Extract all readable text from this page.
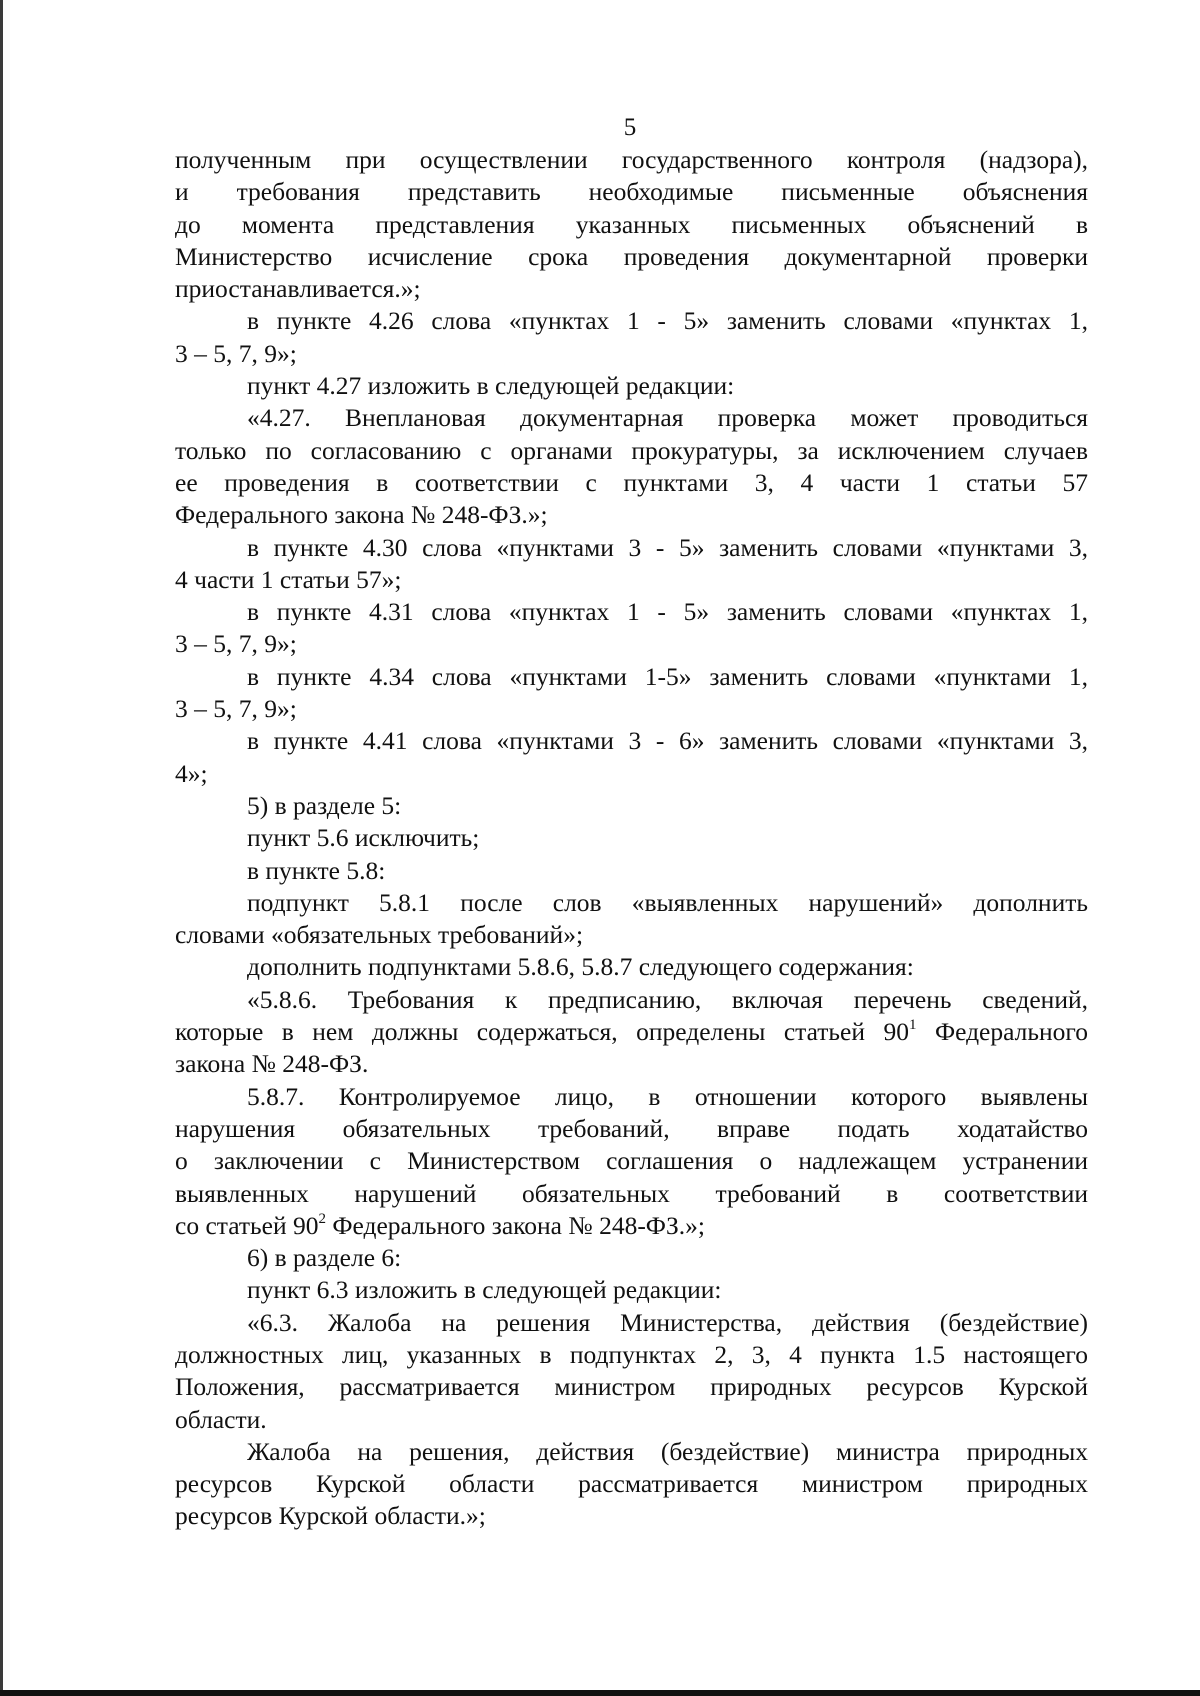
5

полученным при осуществлении государственного контроля (надзора),
и требования представить необходимые письменные объяснения
до момента представления указанных письменных объяснений в
Министерство исчисление срока проведения документарной проверки
приостанавливается.»;

в пункте 4.26 слова «пунктах 1 - 5» заменить словами «пунктах 1,

3 – 5, 7, 9»;

пункт 4.27 изложить в следующей редакции:

«4.27. Внеплановая документарная проверка может проводиться

только по согласованию с органами прокуратуры, за исключением случаев
ее проведения в соответствии с пунктами 3, 4 части 1 статьи 57
Федерального закона № 248-ФЗ.»;

в пункте 4.30 слова «пунктами 3 - 5» заменить словами «пунктами 3,

4 части 1 статьи 57»;

в пункте 4.31 слова «пунктах 1 - 5» заменить словами «пунктах 1,

3 – 5, 7, 9»;

в пункте 4.34 слова «пунктами 1-5» заменить словами «пунктами 1,

3 – 5, 7, 9»;

в пункте 4.41 слова «пунктами 3 - 6» заменить словами «пунктами 3,

4»;

5) в разделе 5:

пункт 5.6 исключить;

в пункте 5.8:

подпункт 5.8.1 после слов «выявленных нарушений» дополнить

словами «обязательных требований»;

дополнить подпунктами 5.8.6, 5.8.7 следующего содержания:

«5.8.6. Требования к предписанию, включая перечень сведений,

которые в нем должны содержаться, определены статьей $90^1$ Федерального
закона № 248-ФЗ.

5.8.7. Контролируемое лицо, в отношении которого выявлены

нарушения обязательных требований, вправе подать ходатайство
о заключении с Министерством соглашения о надлежащем устранении
выявленных нарушений обязательных требований в соответствии
со статьей $90^2$ Федерального закона № 248-ФЗ.»;

6) в разделе 6:

пункт 6.3 изложить в следующей редакции:

«6.3. Жалоба на решения Министерства, действия (бездействие)

должностных лиц, указанных в подпунктах 2, 3, 4 пункта 1.5 настоящего
Положения, рассматривается министром природных ресурсов Курской
области.

Жалоба на решения, действия (бездействие) министра природных

ресурсов Курской области рассматривается министром природных
ресурсов Курской области.»;
